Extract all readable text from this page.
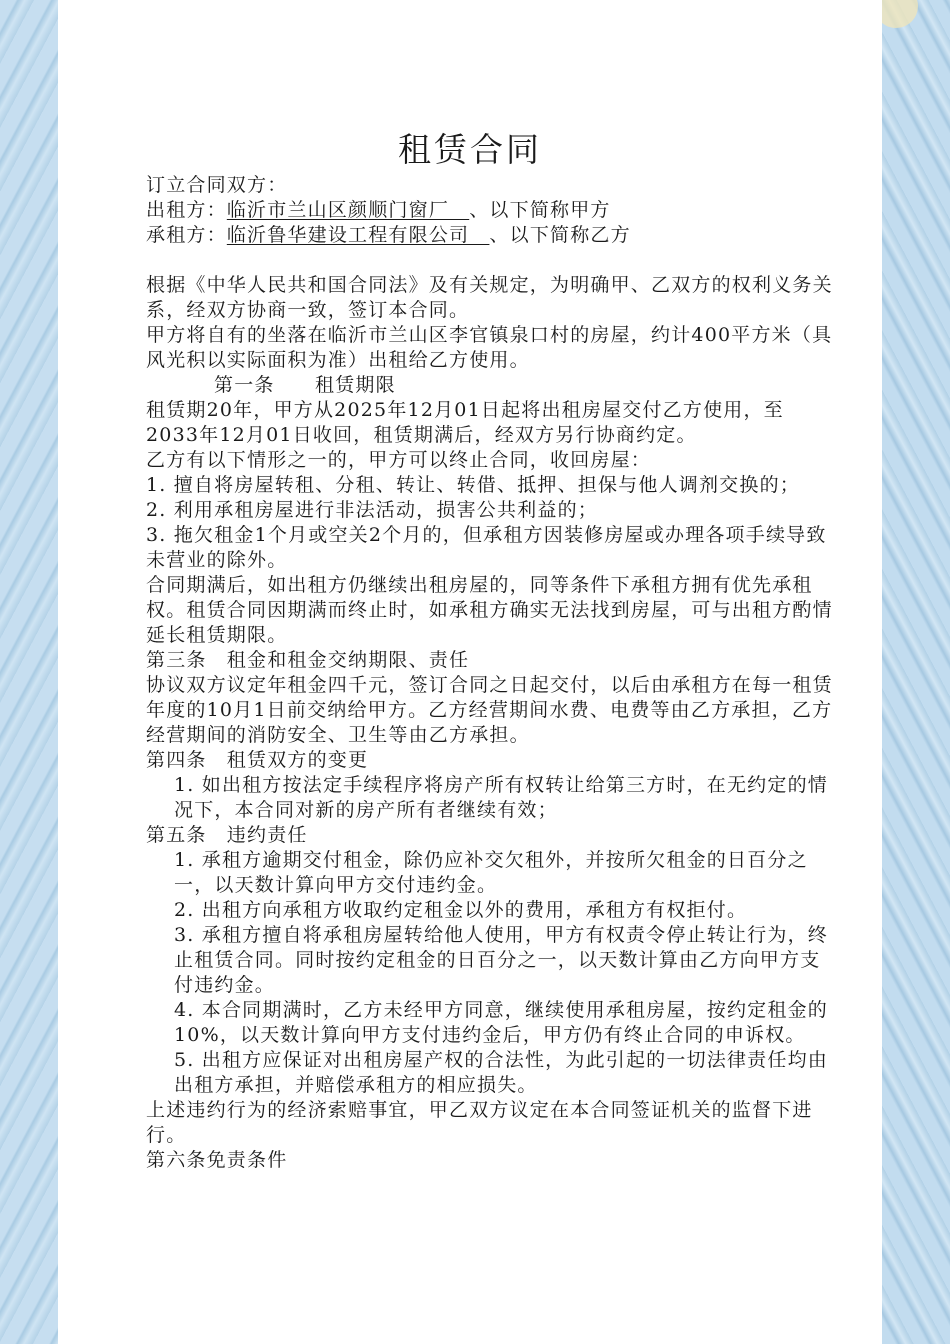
租赁合同

订立合同双方：

出租方：临沂市兰山区颜顺门窗厂　、以下简称甲方

承租方：临沂鲁华建设工程有限公司　、以下简称乙方

根据《中华人民共和国合同法》及有关规定，为明确甲、乙双方的权利义务关系，经双方协商一致，签订本合同。

甲方将自有的坐落在临沂市兰山区李官镇泉口村的房屋，约计400平方米（具风光积以实际面积为准）出租给乙方使用。

第一条　　租赁期限

租赁期20年，甲方从2025年12月01日起将出租房屋交付乙方使用，至2033年12月01日收回，租赁期满后，经双方另行协商约定。

乙方有以下情形之一的，甲方可以终止合同，收回房屋：

1. 擅自将房屋转租、分租、转让、转借、抵押、担保与他人调剂交换的；

2. 利用承租房屋进行非法活动，损害公共利益的；

3. 拖欠租金1个月或空关2个月的，但承租方因装修房屋或办理各项手续导致未营业的除外。

合同期满后，如出租方仍继续出租房屋的，同等条件下承租方拥有优先承租权。租赁合同因期满而终止时，如承租方确实无法找到房屋，可与出租方酌情延长租赁期限。

第三条　租金和租金交纳期限、责任

协议双方议定年租金四千元，签订合同之日起交付，以后由承租方在每一租赁年度的10月1日前交纳给甲方。乙方经营期间水费、电费等由乙方承担，乙方经营期间的消防安全、卫生等由乙方承担。

第四条　租赁双方的变更

1. 如出租方按法定手续程序将房产所有权转让给第三方时，在无约定的情况下，本合同对新的房产所有者继续有效；

第五条　违约责任

1. 承租方逾期交付租金，除仍应补交欠租外，并按所欠租金的日百分之一，以天数计算向甲方交付违约金。

2. 出租方向承租方收取约定租金以外的费用，承租方有权拒付。

3. 承租方擅自将承租房屋转给他人使用，甲方有权责令停止转让行为，终止租赁合同。同时按约定租金的日百分之一，以天数计算由乙方向甲方支付违约金。

4. 本合同期满时，乙方未经甲方同意，继续使用承租房屋，按约定租金的10%，以天数计算向甲方支付违约金后，甲方仍有终止合同的申诉权。

5. 出租方应保证对出租房屋产权的合法性，为此引起的一切法律责任均由出租方承担，并赔偿承租方的相应损失。

上述违约行为的经济索赔事宜，甲乙双方议定在本合同签证机关的监督下进行。

第六条免责条件
